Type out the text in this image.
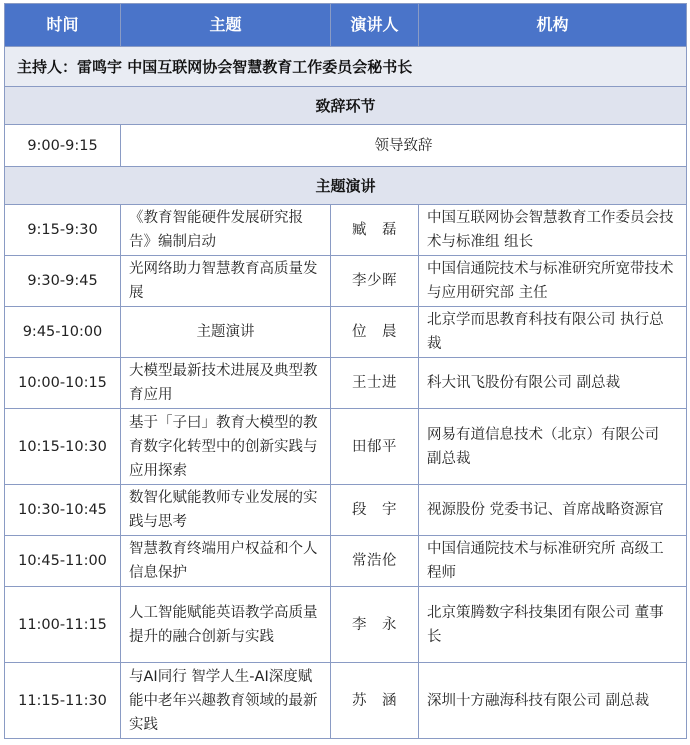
时间	主题	演讲人	机构
主持人：雷鸣宇 中国互联网协会智慧教育工作委员会秘书长			
致辞环节			
9:00-9:15	领导致辞		
主题演讲			
9:15-9:30	《教育智能硬件发展研究报告》编制启动	臧　磊	中国互联网协会智慧教育工作委员会技术与标准组 组长
9:30-9:45	光网络助力智慧教育高质量发展	李少晖	中国信通院技术与标准研究所宽带技术与应用研究部 主任
9:45-10:00	主题演讲	位　晨	北京学而思教育科技有限公司 执行总裁
10:00-10:15	大模型最新技术进展及典型教育应用	王士进	科大讯飞股份有限公司 副总裁
10:15-10:30	基于「子曰」教育大模型的教育数字化转型中的创新实践与应用探索	田郁平	网易有道信息技术（北京）有限公司 副总裁
10:30-10:45	数智化赋能教师专业发展的实践与思考	段　宇	视源股份 党委书记、首席战略资源官
10:45-11:00	智慧教育终端用户权益和个人信息保护	常浩伦	中国信通院技术与标准研究所 高级工程师
11:00-11:15	人工智能赋能英语教学高质量提升的融合创新与实践	李　永	北京策腾数字科技集团有限公司 董事长
11:15-11:30	与AI同行 智学人生-AI深度赋能中老年兴趣教育领域的最新实践	苏　涵	深圳十方融海科技有限公司 副总裁
